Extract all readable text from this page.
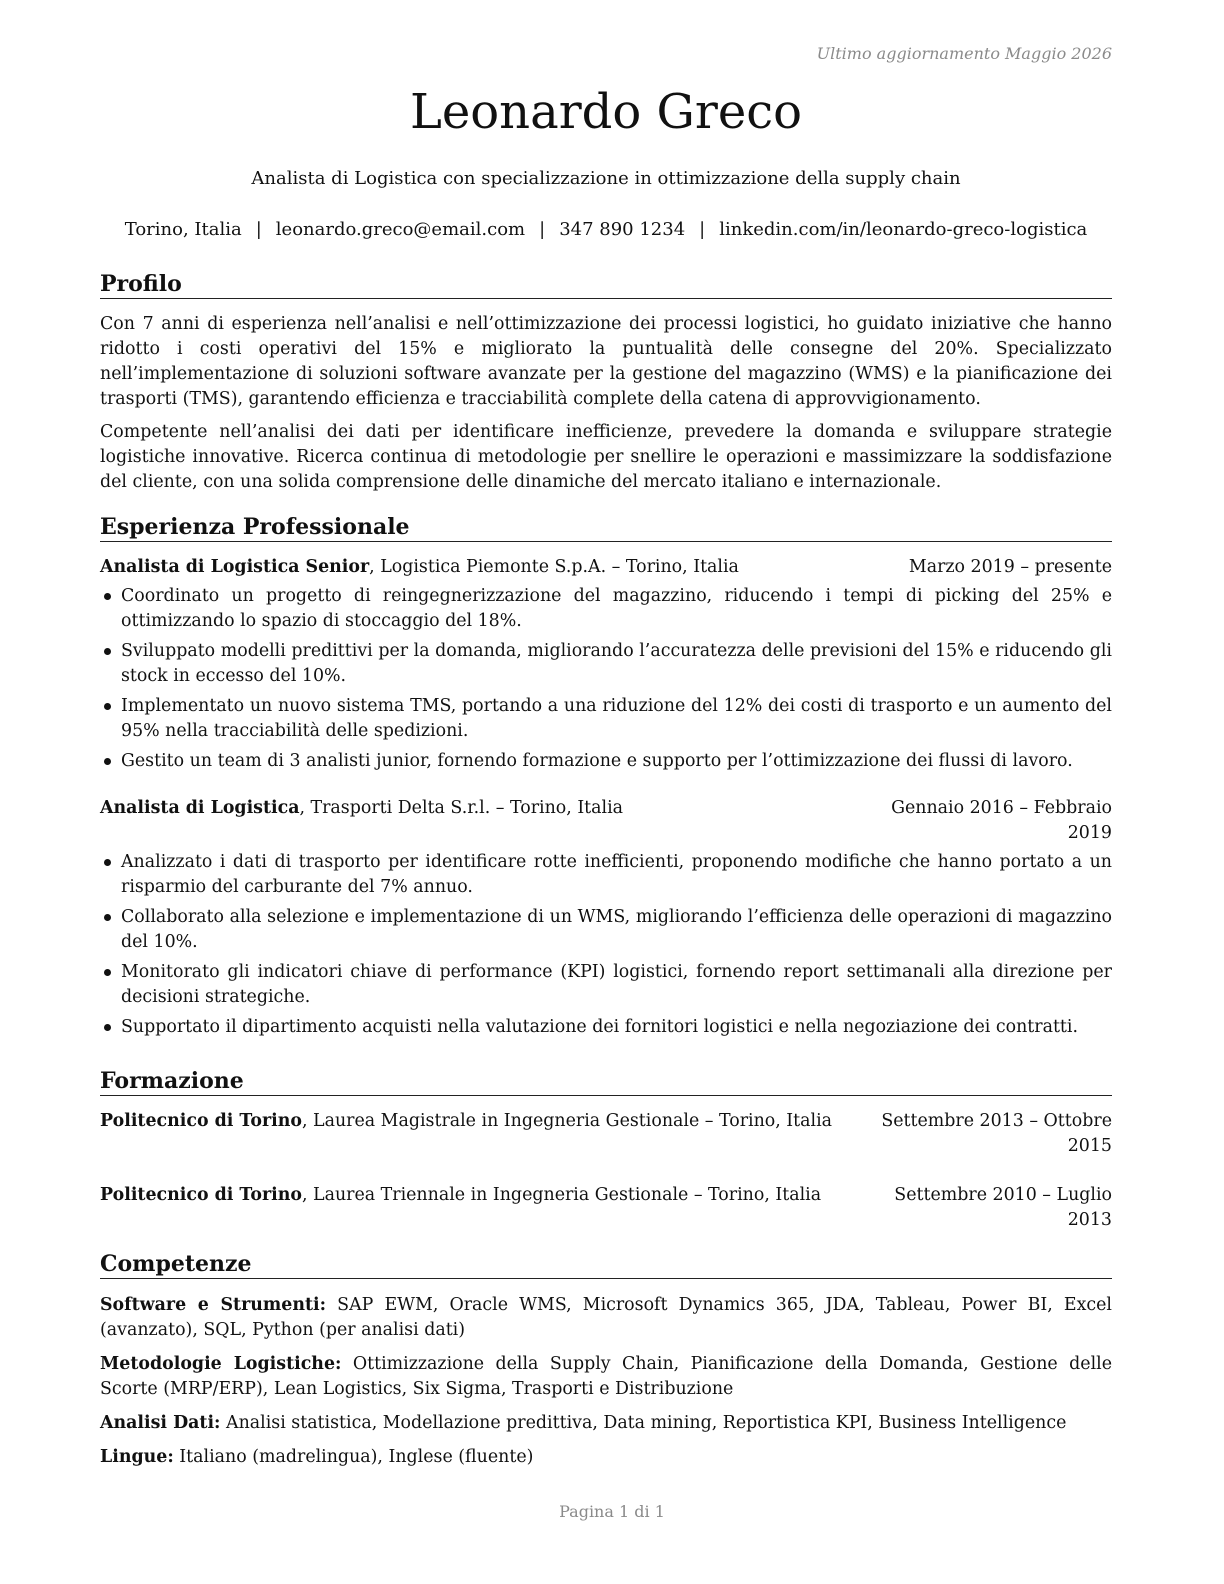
Ultimo aggiornamento Maggio 2026
Leonardo Greco
Analista di Logistica con specializzazione in ottimizzazione della supply chain
Torino, Italia | leonardo.greco@email.com | 347 890 1234 | linkedin.com/in/leonardo-greco-logistica
Profilo

Con 7 anni di esperienza nell’analisi e nell’ottimizzazione dei processi logistici, ho guidato iniziative che hanno ridotto i costi operativi del 15% e migliorato la puntualità delle consegne del 20%. Specializzato nell’implementazione di soluzioni software avanzate per la gestione del magazzino (WMS) e la pianificazione dei trasporti (TMS), garantendo efficienza e tracciabilità complete della catena di approvvigionamento.

Competente nell’analisi dei dati per identificare inefficienze, prevedere la domanda e sviluppare strategie logistiche innovative. Ricerca continua di metodologie per snellire le operazioni e massimizzare la soddisfazione del cliente, con una solida comprensione delle dinamiche del mercato italiano e internazionale.

Esperienza Professionale
Analista di Logistica Senior, Logistica Piemonte S.p.A. – Torino, Italia	Marzo 2019 – presente
Coordinato un progetto di reingegnerizzazione del magazzino, riducendo i tempi di picking del 25% e ottimizzando lo spazio di stoccaggio del 18%.
Sviluppato modelli predittivi per la domanda, migliorando l’accuratezza delle previsioni del 15% e riducendo gli stock in eccesso del 10%.
Implementato un nuovo sistema TMS, portando a una riduzione del 12% dei costi di trasporto e un aumento del 95% nella tracciabilità delle spedizioni.
Gestito un team di 3 analisti junior, fornendo formazione e supporto per l’ottimizzazione dei flussi di lavoro.
Analista di Logistica, Trasporti Delta S.r.l. – Torino, Italia	Gennaio 2016 – Febbraio 2019
Analizzato i dati di trasporto per identificare rotte inefficienti, proponendo modifiche che hanno portato a un risparmio del carburante del 7% annuo.
Collaborato alla selezione e implementazione di un WMS, migliorando l’efficienza delle operazioni di magazzino del 10%.
Monitorato gli indicatori chiave di performance (KPI) logistici, fornendo report settimanali alla direzione per decisioni strategiche.
Supportato il dipartimento acquisti nella valutazione dei fornitori logistici e nella negoziazione dei contratti.
Formazione
Politecnico di Torino, Laurea Magistrale in Ingegneria Gestionale – Torino, Italia	Settembre 2013 – Ottobre 2015
Politecnico di Torino, Laurea Triennale in Ingegneria Gestionale – Torino, Italia	Settembre 2010 – Luglio 2013
Competenze

Software e Strumenti: SAP EWM, Oracle WMS, Microsoft Dynamics 365, JDA, Tableau, Power BI, Excel (avanzato), SQL, Python (per analisi dati)

Metodologie Logistiche: Ottimizzazione della Supply Chain, Pianificazione della Domanda, Gestione delle Scorte (MRP/ERP), Lean Logistics, Six Sigma, Trasporti e Distribuzione

Analisi Dati: Analisi statistica, Modellazione predittiva, Data mining, Reportistica KPI, Business Intelligence

Lingue: Italiano (madrelingua), Inglese (fluente)

Pagina 1 di 1
